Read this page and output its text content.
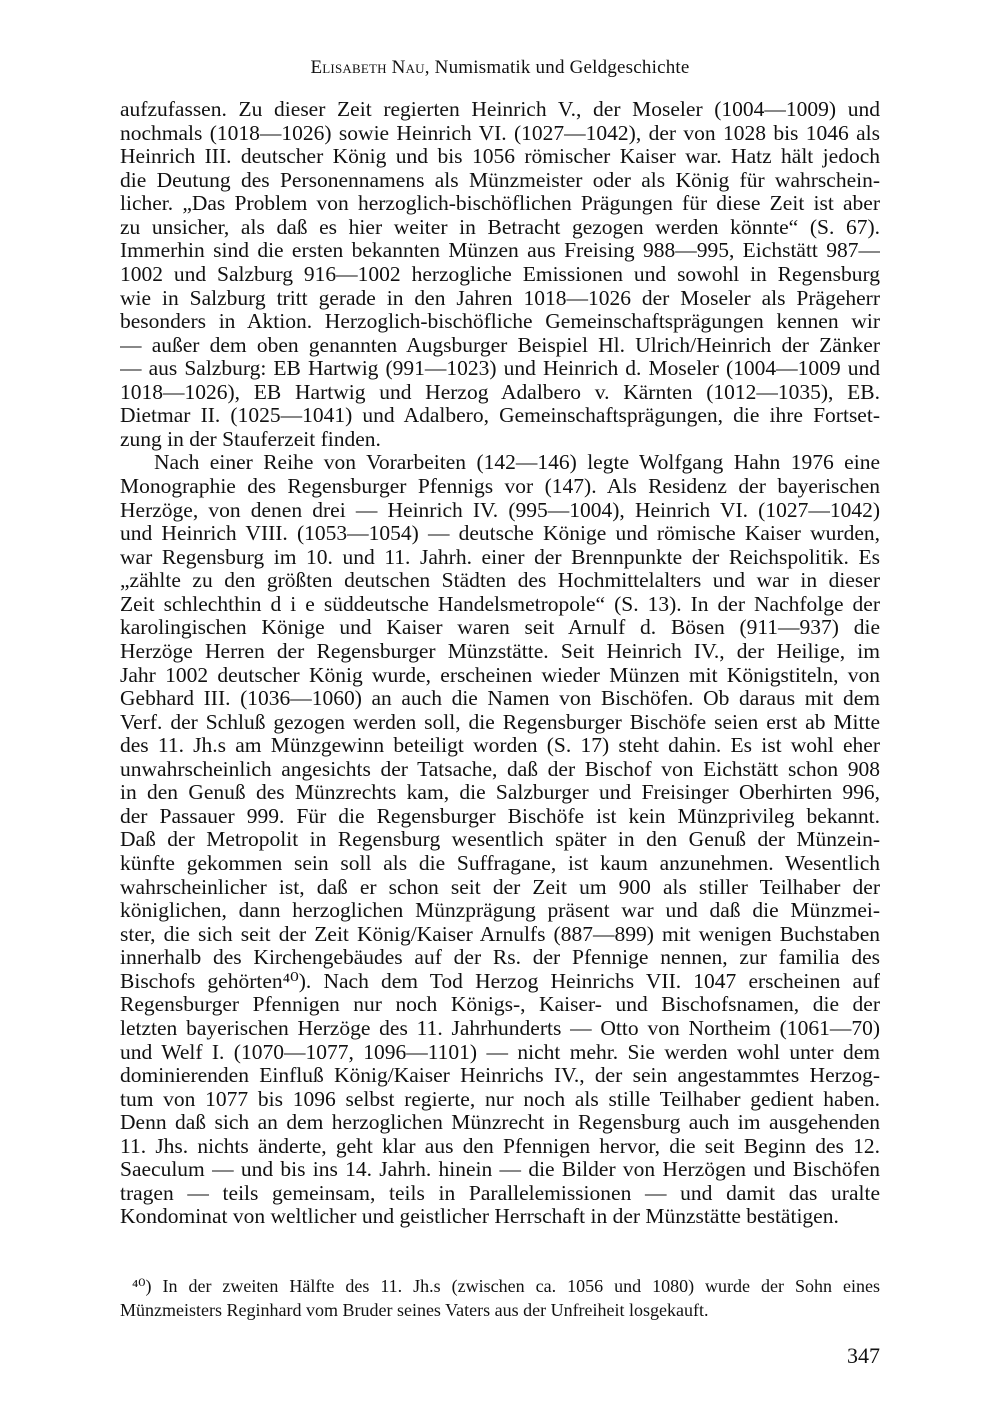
Elisabeth Nau, Numismatik und Geldgeschichte
aufzufassen. Zu dieser Zeit regierten Heinrich V., der Moseler (1004—1009) und
nochmals (1018—1026) sowie Heinrich VI. (1027—1042), der von 1028 bis 1046 als
Heinrich III. deutscher König und bis 1056 römischer Kaiser war. Hatz hält jedoch
die Deutung des Personennamens als Münzmeister oder als König für wahrschein-
licher. „Das Problem von herzoglich-bischöflichen Prägungen für diese Zeit ist aber
zu unsicher, als daß es hier weiter in Betracht gezogen werden könnte“ (S. 67).
Immerhin sind die ersten bekannten Münzen aus Freising 988—995, Eichstätt 987—
1002 und Salzburg 916—1002 herzogliche Emissionen und sowohl in Regensburg
wie in Salzburg tritt gerade in den Jahren 1018—1026 der Moseler als Prägeherr
besonders in Aktion. Herzoglich-bischöfliche Gemeinschaftsprägungen kennen wir
— außer dem oben genannten Augsburger Beispiel Hl. Ulrich/Heinrich der Zänker
— aus Salzburg: EB Hartwig (991—1023) und Heinrich d. Moseler (1004—1009 und
1018—1026), EB Hartwig und Herzog Adalbero v. Kärnten (1012—1035), EB.
Dietmar II. (1025—1041) und Adalbero, Gemeinschaftsprägungen, die ihre Fortset-
zung in der Stauferzeit finden.
Nach einer Reihe von Vorarbeiten (142—146) legte Wolfgang Hahn 1976 eine
Monographie des Regensburger Pfennigs vor (147). Als Residenz der bayerischen
Herzöge, von denen drei — Heinrich IV. (995—1004), Heinrich VI. (1027—1042)
und Heinrich VIII. (1053—1054) — deutsche Könige und römische Kaiser wurden,
war Regensburg im 10. und 11. Jahrh. einer der Brennpunkte der Reichspolitik. Es
„zählte zu den größten deutschen Städten des Hochmittelalters und war in dieser
Zeit schlechthin d i e süddeutsche Handelsmetropole“ (S. 13). In der Nachfolge der
karolingischen Könige und Kaiser waren seit Arnulf d. Bösen (911—937) die
Herzöge Herren der Regensburger Münzstätte. Seit Heinrich IV., der Heilige, im
Jahr 1002 deutscher König wurde, erscheinen wieder Münzen mit Königstiteln, von
Gebhard III. (1036—1060) an auch die Namen von Bischöfen. Ob daraus mit dem
Verf. der Schluß gezogen werden soll, die Regensburger Bischöfe seien erst ab Mitte
des 11. Jh.s am Münzgewinn beteiligt worden (S. 17) steht dahin. Es ist wohl eher
unwahrscheinlich angesichts der Tatsache, daß der Bischof von Eichstätt schon 908
in den Genuß des Münzrechts kam, die Salzburger und Freisinger Oberhirten 996,
der Passauer 999. Für die Regensburger Bischöfe ist kein Münzprivileg bekannt.
Daß der Metropolit in Regensburg wesentlich später in den Genuß der Münzein-
künfte gekommen sein soll als die Suffragane, ist kaum anzunehmen. Wesentlich
wahrscheinlicher ist, daß er schon seit der Zeit um 900 als stiller Teilhaber der
königlichen, dann herzoglichen Münzprägung präsent war und daß die Münzmei-
ster, die sich seit der Zeit König/Kaiser Arnulfs (887—899) mit wenigen Buchstaben
innerhalb des Kirchengebäudes auf der Rs. der Pfennige nennen, zur familia des
Bischofs gehörten⁴⁰). Nach dem Tod Herzog Heinrichs VII. 1047 erscheinen auf
Regensburger Pfennigen nur noch Königs-, Kaiser- und Bischofsnamen, die der
letzten bayerischen Herzöge des 11. Jahrhunderts — Otto von Northeim (1061—70)
und Welf I. (1070—1077, 1096—1101) — nicht mehr. Sie werden wohl unter dem
dominierenden Einfluß König/Kaiser Heinrichs IV., der sein angestammtes Herzog-
tum von 1077 bis 1096 selbst regierte, nur noch als stille Teilhaber gedient haben.
Denn daß sich an dem herzoglichen Münzrecht in Regensburg auch im ausgehenden
11. Jhs. nichts änderte, geht klar aus den Pfennigen hervor, die seit Beginn des 12.
Saeculum — und bis ins 14. Jahrh. hinein — die Bilder von Herzögen und Bischöfen
tragen — teils gemeinsam, teils in Parallelemissionen — und damit das uralte
Kondominat von weltlicher und geistlicher Herrschaft in der Münzstätte bestätigen.
⁴⁰) In der zweiten Hälfte des 11. Jh.s (zwischen ca. 1056 und 1080) wurde der Sohn eines
Münzmeisters Reginhard vom Bruder seines Vaters aus der Unfreiheit losgekauft.
347
